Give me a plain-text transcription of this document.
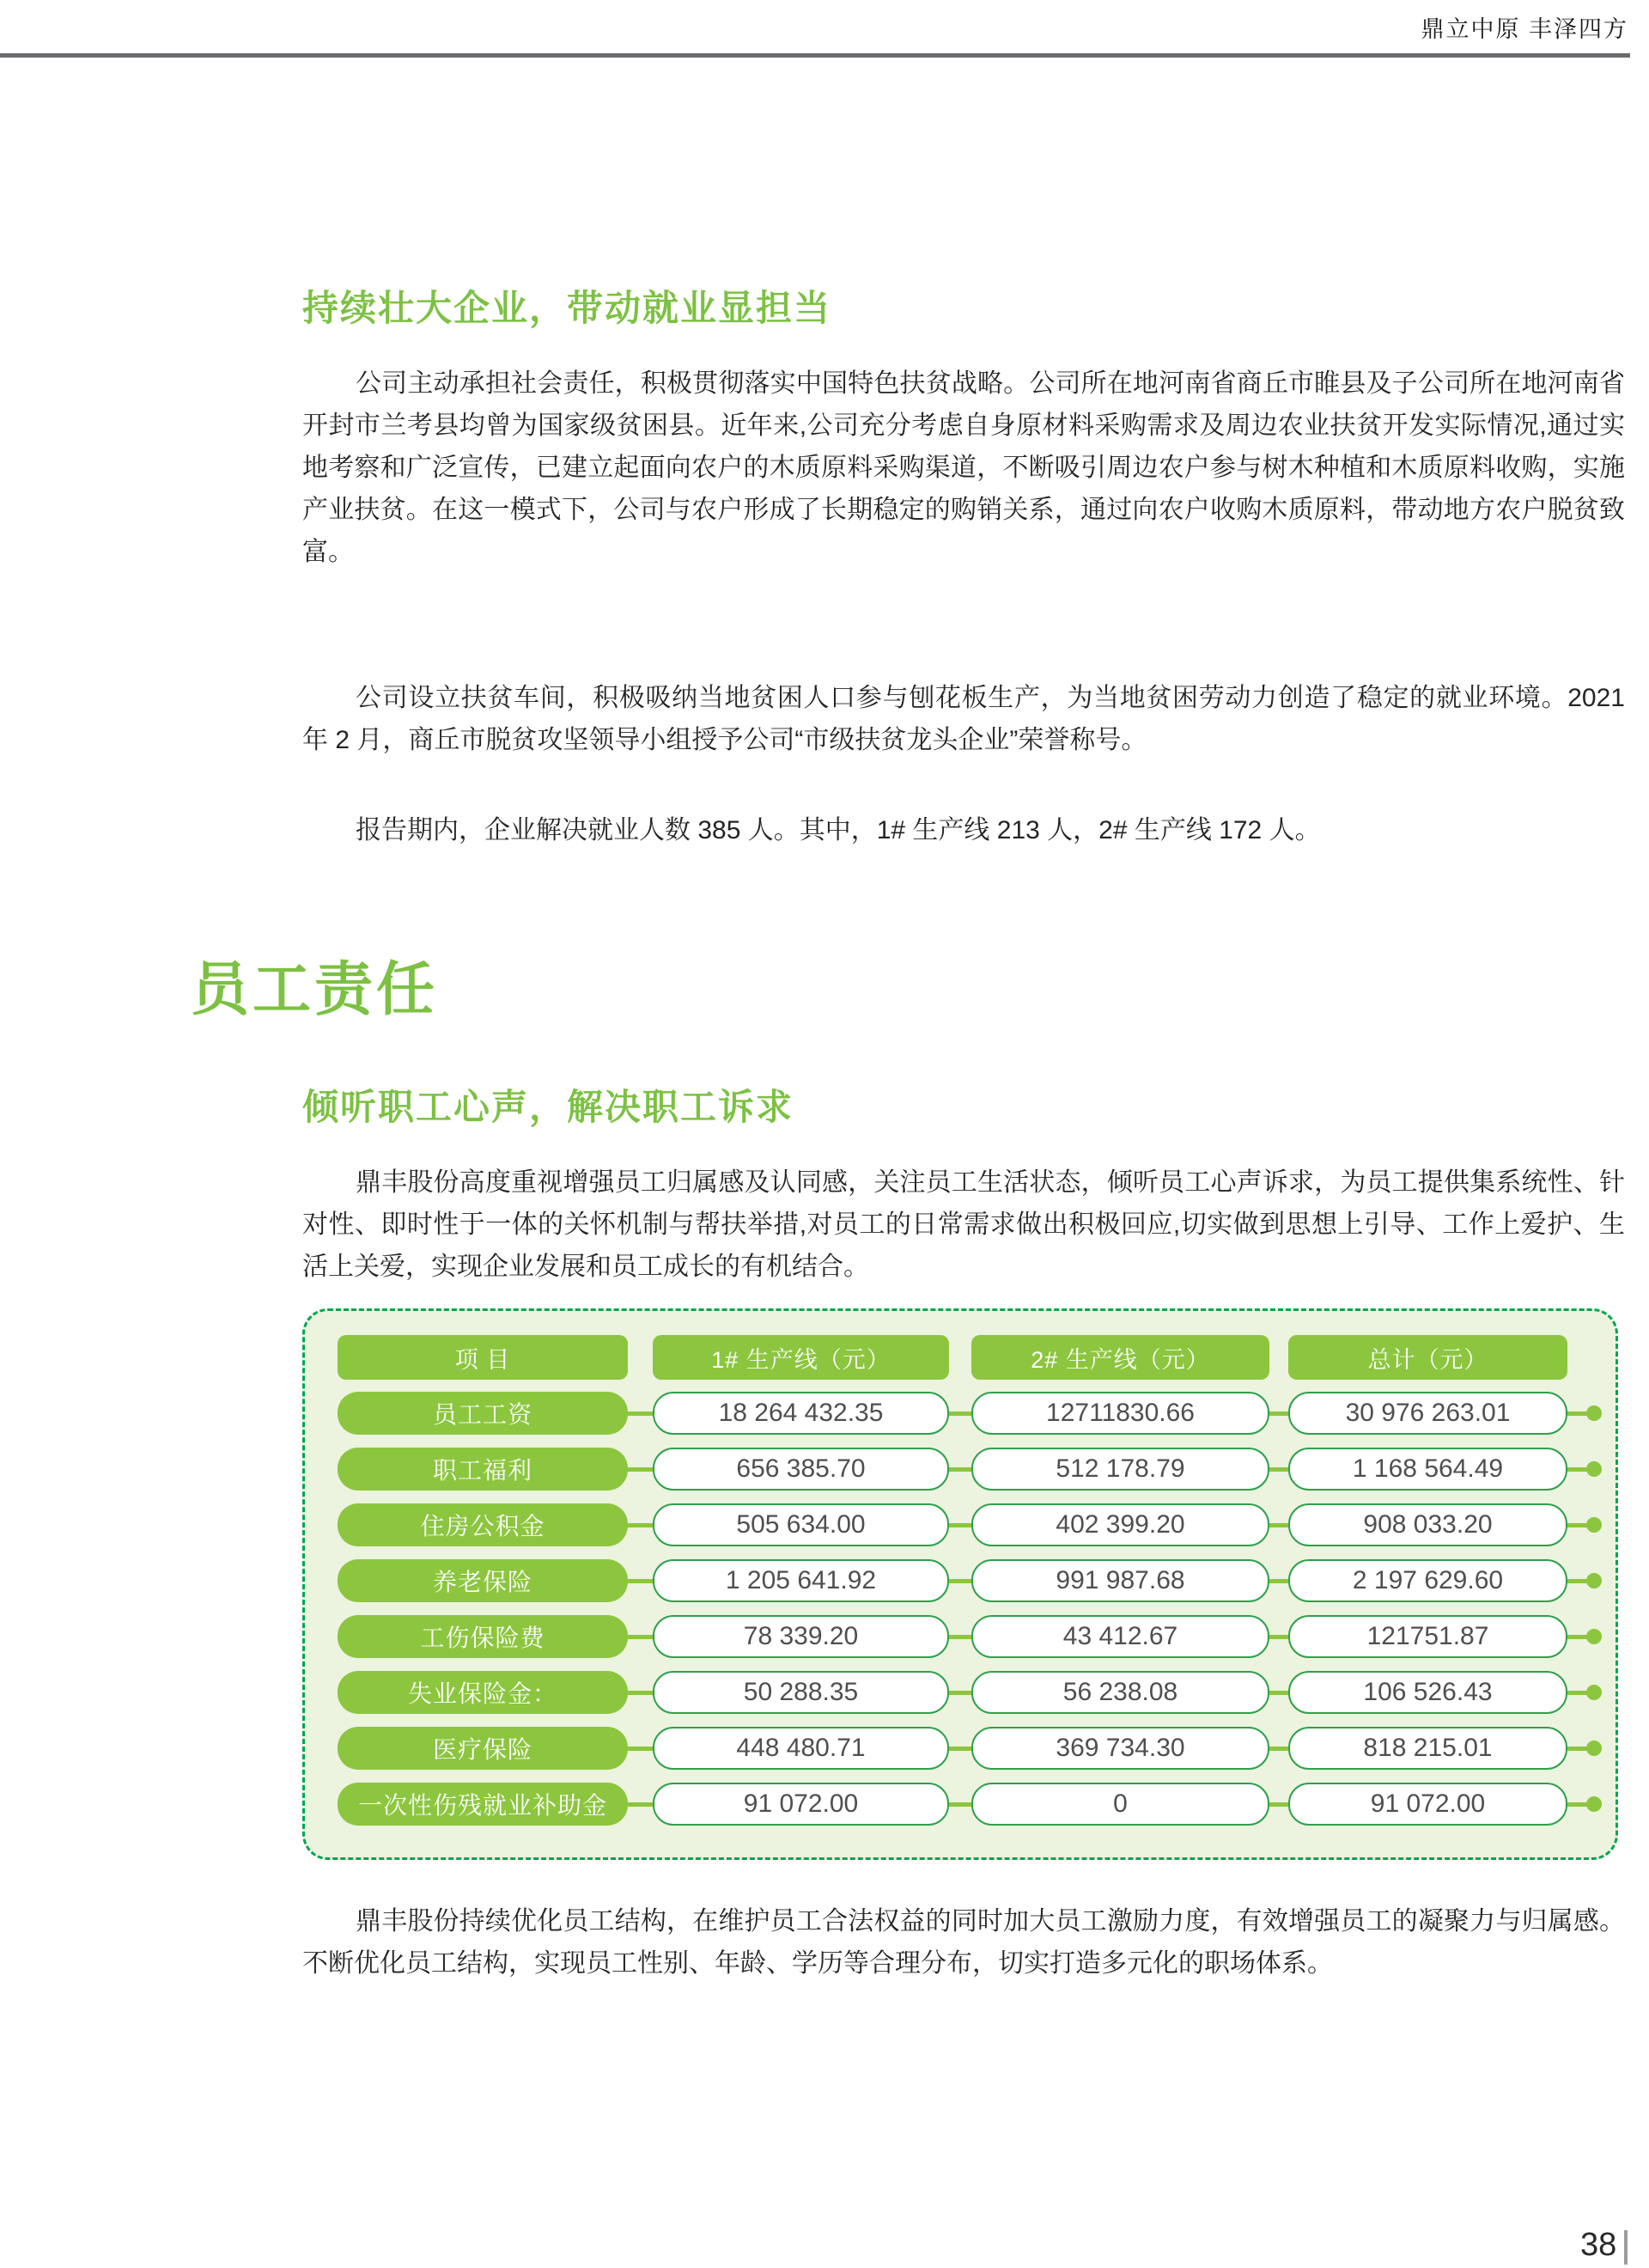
鼎立中原 丰泽四方
持续壮大企业，带动就业显担当
公司主动承担社会责任，积极贯彻落实中国特色扶贫战略。公司所在地河南省商丘市睢县及子公司所在地河南省开封市兰考县均曾为国家级贫困县。近年来,公司充分考虑自身原材料采购需求及周边农业扶贫开发实际情况,通过实地考察和广泛宣传，已建立起面向农户的木质原料采购渠道，不断吸引周边农户参与树木种植和木质原料收购，实施产业扶贫。在这一模式下，公司与农户形成了长期稳定的购销关系，通过向农户收购木质原料，带动地方农户脱贫致富。
公司设立扶贫车间，积极吸纳当地贫困人口参与刨花板生产，为当地贫困劳动力创造了稳定的就业环境。2021 年 2 月，商丘市脱贫攻坚领导小组授予公司“市级扶贫龙头企业”荣誉称号。
报告期内，企业解决就业人数 385 人。其中，1# 生产线 213 人，2# 生产线 172 人。
员工责任
倾听职工心声，解决职工诉求
鼎丰股份高度重视增强员工归属感及认同感，关注员工生活状态，倾听员工心声诉求，为员工提供集系统性、针对性、即时性于一体的关怀机制与帮扶举措,对员工的日常需求做出积极回应,切实做到思想上引导、工作上爱护、生活上关爱，实现企业发展和员工成长的有机结合。
项 目	1# 生产线（元）	2# 生产线（元）	总计（元）
员工工资	18 264 432.35	12711830.66	30 976 263.01
职工福利	656 385.70	512 178.79	1 168 564.49
住房公积金	505 634.00	402 399.20	908 033.20
养老保险	1 205 641.92	991 987.68	2 197 629.60
工伤保险费	78 339.20	43 412.67	121751.87
失业保险金：	50 288.35	56 238.08	106 526.43
医疗保险	448 480.71	369 734.30	818 215.01
一次性伤残就业补助金	91 072.00	0	91 072.00
鼎丰股份持续优化员工结构，在维护员工合法权益的同时加大员工激励力度，有效增强员工的凝聚力与归属感。不断优化员工结构，实现员工性别、年龄、学历等合理分布，切实打造多元化的职场体系。
38
